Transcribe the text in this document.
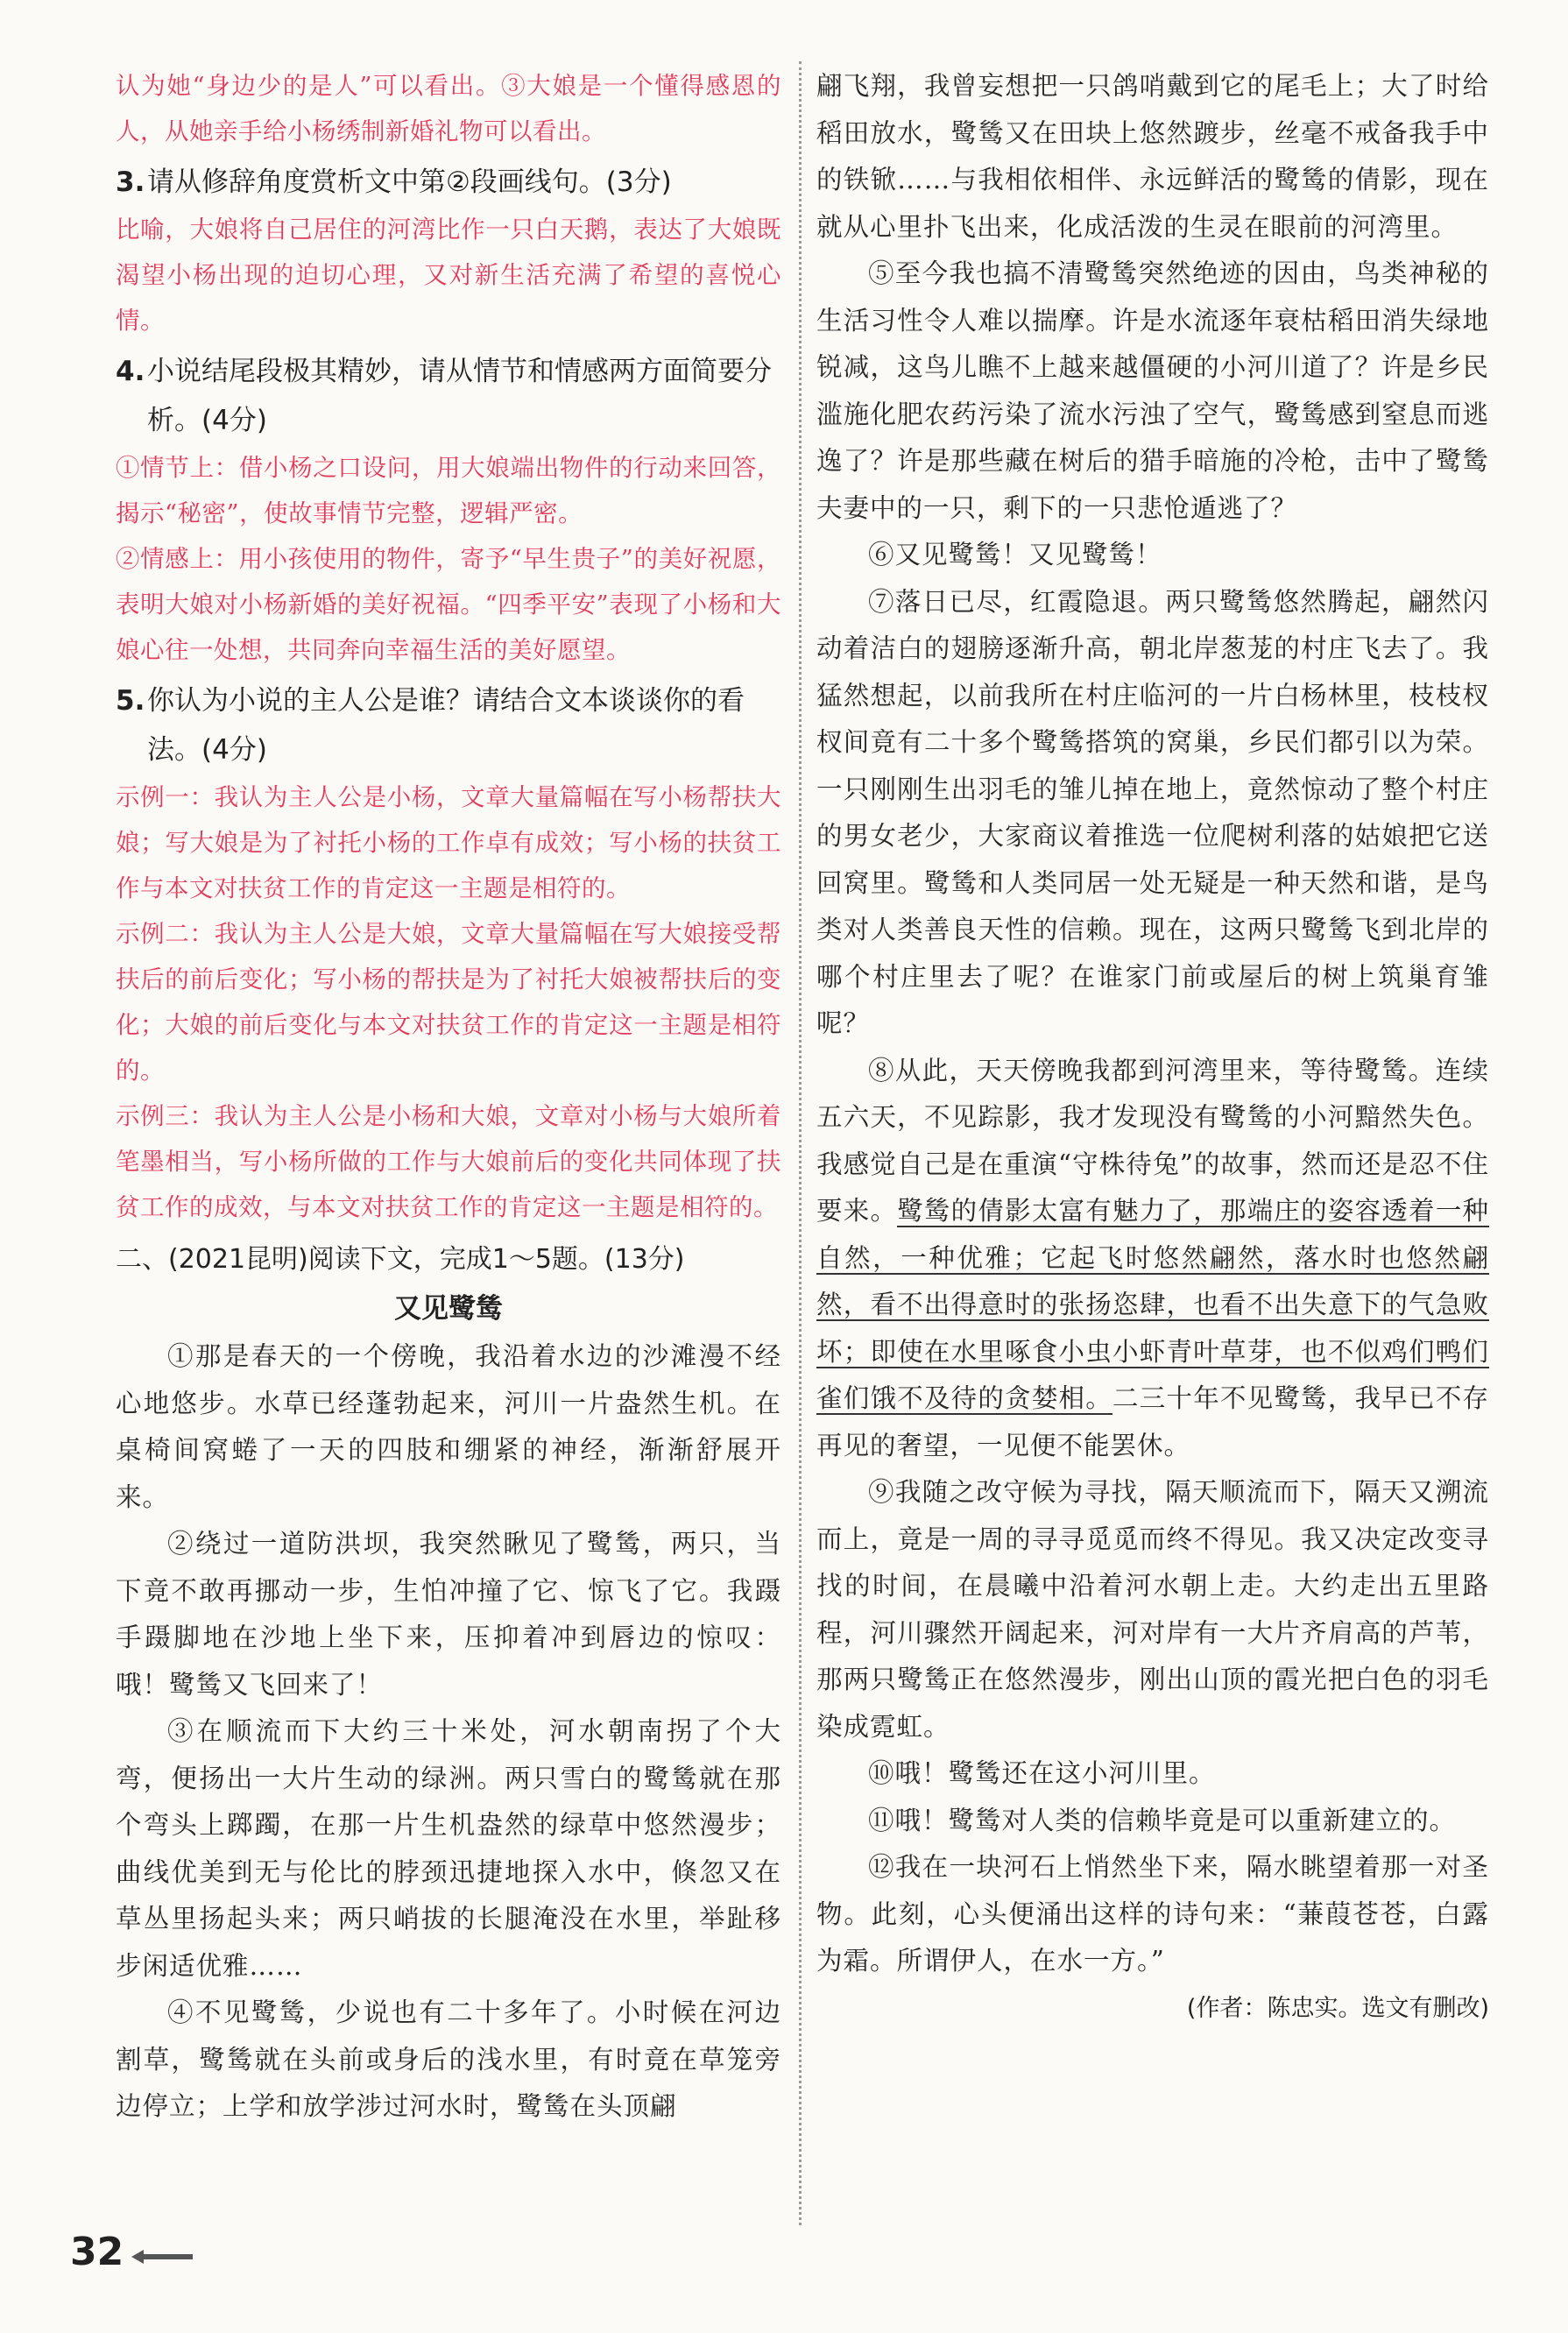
认为她“身边少的是人”可以看出。③大娘是一个懂得感恩的人，从她亲手给小杨绣制新婚礼物可以看出。

3.请从修辞角度赏析文中第②段画线句。(3分)

比喻，大娘将自己居住的河湾比作一只白天鹅，表达了大娘既渴望小杨出现的迫切心理，又对新生活充满了希望的喜悦心情。

4.小说结尾段极其精妙，请从情节和情感两方面简要分析。(4分)

①情节上：借小杨之口设问，用大娘端出物件的行动来回答，揭示“秘密”，使故事情节完整，逻辑严密。

②情感上：用小孩使用的物件，寄予“早生贵子”的美好祝愿，表明大娘对小杨新婚的美好祝福。“四季平安”表现了小杨和大娘心往一处想，共同奔向幸福生活的美好愿望。

5.你认为小说的主人公是谁？请结合文本谈谈你的看法。(4分)

示例一：我认为主人公是小杨，文章大量篇幅在写小杨帮扶大娘；写大娘是为了衬托小杨的工作卓有成效；写小杨的扶贫工作与本文对扶贫工作的肯定这一主题是相符的。

示例二：我认为主人公是大娘，文章大量篇幅在写大娘接受帮扶后的前后变化；写小杨的帮扶是为了衬托大娘被帮扶后的变化；大娘的前后变化与本文对扶贫工作的肯定这一主题是相符的。

示例三：我认为主人公是小杨和大娘，文章对小杨与大娘所着笔墨相当，写小杨所做的工作与大娘前后的变化共同体现了扶贫工作的成效，与本文对扶贫工作的肯定这一主题是相符的。

二、(2021昆明)阅读下文，完成1～5题。(13分)

又见鹭鸶

①那是春天的一个傍晚，我沿着水边的沙滩漫不经心地悠步。水草已经蓬勃起来，河川一片盎然生机。在桌椅间窝蜷了一天的四肢和绷紧的神经，渐渐舒展开来。

②绕过一道防洪坝，我突然瞅见了鹭鸶，两只，当下竟不敢再挪动一步，生怕冲撞了它、惊飞了它。我蹑手蹑脚地在沙地上坐下来，压抑着冲到唇边的惊叹：哦！鹭鸶又飞回来了！

③在顺流而下大约三十米处，河水朝南拐了个大弯，便扬出一大片生动的绿洲。两只雪白的鹭鸶就在那个弯头上踯躅，在那一片生机盎然的绿草中悠然漫步；曲线优美到无与伦比的脖颈迅捷地探入水中，倏忽又在草丛里扬起头来；两只峭拔的长腿淹没在水里，举趾移步闲适优雅……

④不见鹭鸶，少说也有二十多年了。小时候在河边割草，鹭鸶就在头前或身后的浅水里，有时竟在草笼旁边停立；上学和放学涉过河水时，鹭鸶在头顶翩

翩飞翔，我曾妄想把一只鸽哨戴到它的尾毛上；大了时给稻田放水，鹭鸶又在田块上悠然踱步，丝毫不戒备我手中的铁锨……与我相依相伴、永远鲜活的鹭鸶的倩影，现在就从心里扑飞出来，化成活泼的生灵在眼前的河湾里。

⑤至今我也搞不清鹭鸶突然绝迹的因由，鸟类神秘的生活习性令人难以揣摩。许是水流逐年衰枯稻田消失绿地锐减，这鸟儿瞧不上越来越僵硬的小河川道了？许是乡民滥施化肥农药污染了流水污浊了空气，鹭鸶感到窒息而逃逸了？许是那些藏在树后的猎手暗施的冷枪，击中了鹭鸶夫妻中的一只，剩下的一只悲怆遁逃了？

⑥又见鹭鸶！又见鹭鸶！

⑦落日已尽，红霞隐退。两只鹭鸶悠然腾起，翩然闪动着洁白的翅膀逐渐升高，朝北岸葱茏的村庄飞去了。我猛然想起，以前我所在村庄临河的一片白杨林里，枝枝杈杈间竟有二十多个鹭鸶搭筑的窝巢，乡民们都引以为荣。一只刚刚生出羽毛的雏儿掉在地上，竟然惊动了整个村庄的男女老少，大家商议着推选一位爬树利落的姑娘把它送回窝里。鹭鸶和人类同居一处无疑是一种天然和谐，是鸟类对人类善良天性的信赖。现在，这两只鹭鸶飞到北岸的哪个村庄里去了呢？在谁家门前或屋后的树上筑巢育雏呢？

⑧从此，天天傍晚我都到河湾里来，等待鹭鸶。连续五六天，不见踪影，我才发现没有鹭鸶的小河黯然失色。我感觉自己是在重演“守株待兔”的故事，然而还是忍不住要来。鹭鸶的倩影太富有魅力了，那端庄的姿容透着一种自然，一种优雅；它起飞时悠然翩然，落水时也悠然翩然，看不出得意时的张扬恣肆，也看不出失意下的气急败坏；即使在水里啄食小虫小虾青叶草芽，也不似鸡们鸭们雀们饿不及待的贪婪相。二三十年不见鹭鸶，我早已不存再见的奢望，一见便不能罢休。

⑨我随之改守候为寻找，隔天顺流而下，隔天又溯流而上，竟是一周的寻寻觅觅而终不得见。我又决定改变寻找的时间，在晨曦中沿着河水朝上走。大约走出五里路程，河川骤然开阔起来，河对岸有一大片齐肩高的芦苇，那两只鹭鸶正在悠然漫步，刚出山顶的霞光把白色的羽毛染成霓虹。

⑩哦！鹭鸶还在这小河川里。

⑪哦！鹭鸶对人类的信赖毕竟是可以重新建立的。

⑫我在一块河石上悄然坐下来，隔水眺望着那一对圣物。此刻，心头便涌出这样的诗句来：“蒹葭苍苍，白露为霜。所谓伊人，在水一方。”

(作者：陈忠实。选文有删改)

32
